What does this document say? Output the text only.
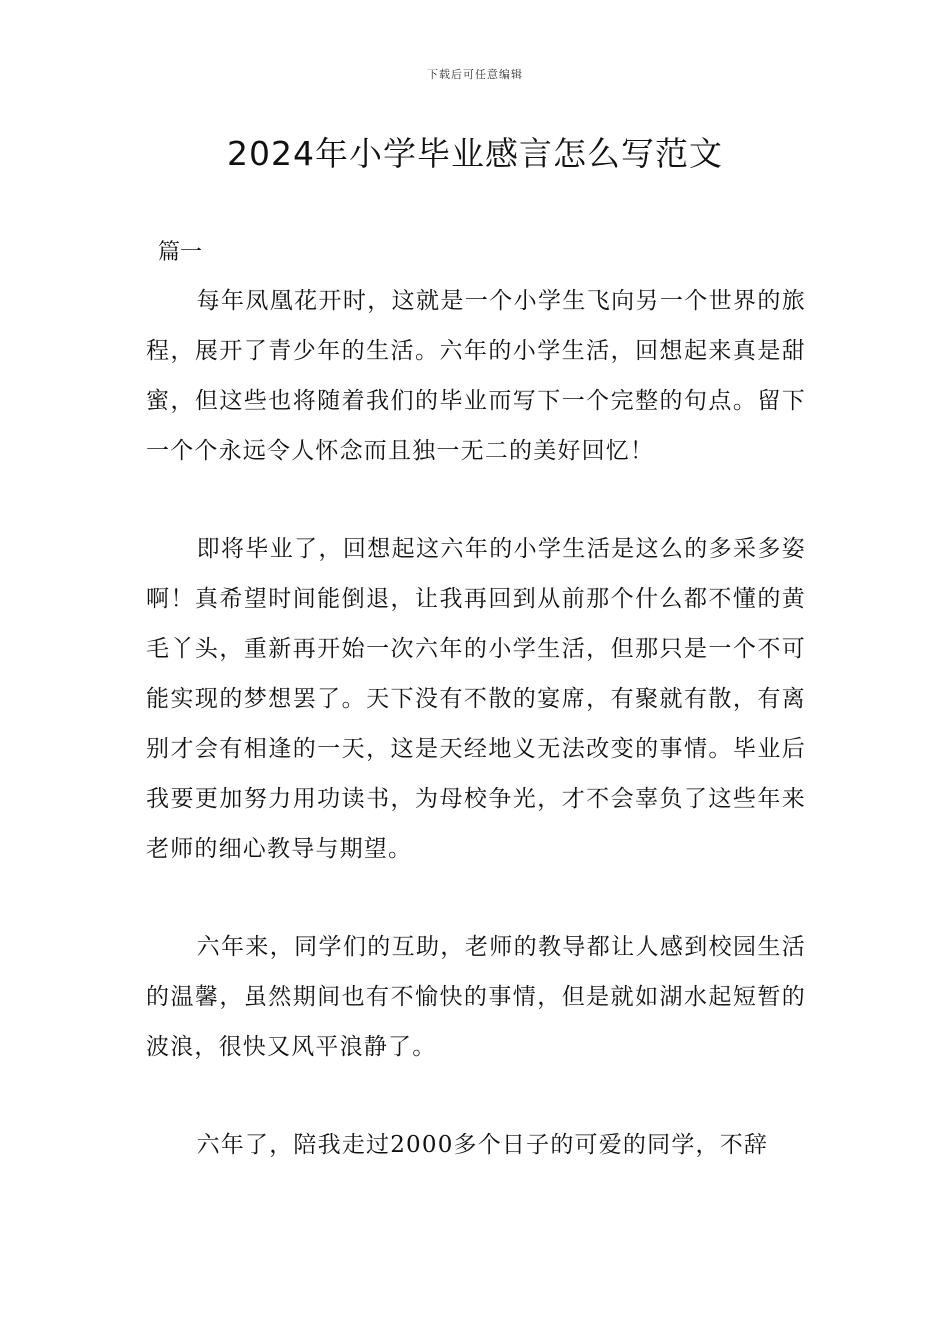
下载后可任意编辑
2024年小学毕业感言怎么写范文
篇一

每年凤凰花开时，这就是一个小学生飞向另一个世界的旅程，展开了青少年的生活。六年的小学生活，回想起来真是甜蜜，但这些也将随着我们的毕业而写下一个完整的句点。留下一个个永远令人怀念而且独一无二的美好回忆！

即将毕业了，回想起这六年的小学生活是这么的多采多姿啊！真希望时间能倒退，让我再回到从前那个什么都不懂的黄毛丫头，重新再开始一次六年的小学生活，但那只是一个不可能实现的梦想罢了。天下没有不散的宴席，有聚就有散，有离别才会有相逢的一天，这是天经地义无法改变的事情。毕业后我要更加努力用功读书，为母校争光，才不会辜负了这些年来老师的细心教导与期望。

六年来，同学们的互助，老师的教导都让人感到校园生活的温馨，虽然期间也有不愉快的事情，但是就如湖水起短暂的波浪，很快又风平浪静了。

六年了，陪我走过2000多个日子的可爱的同学，不辞
